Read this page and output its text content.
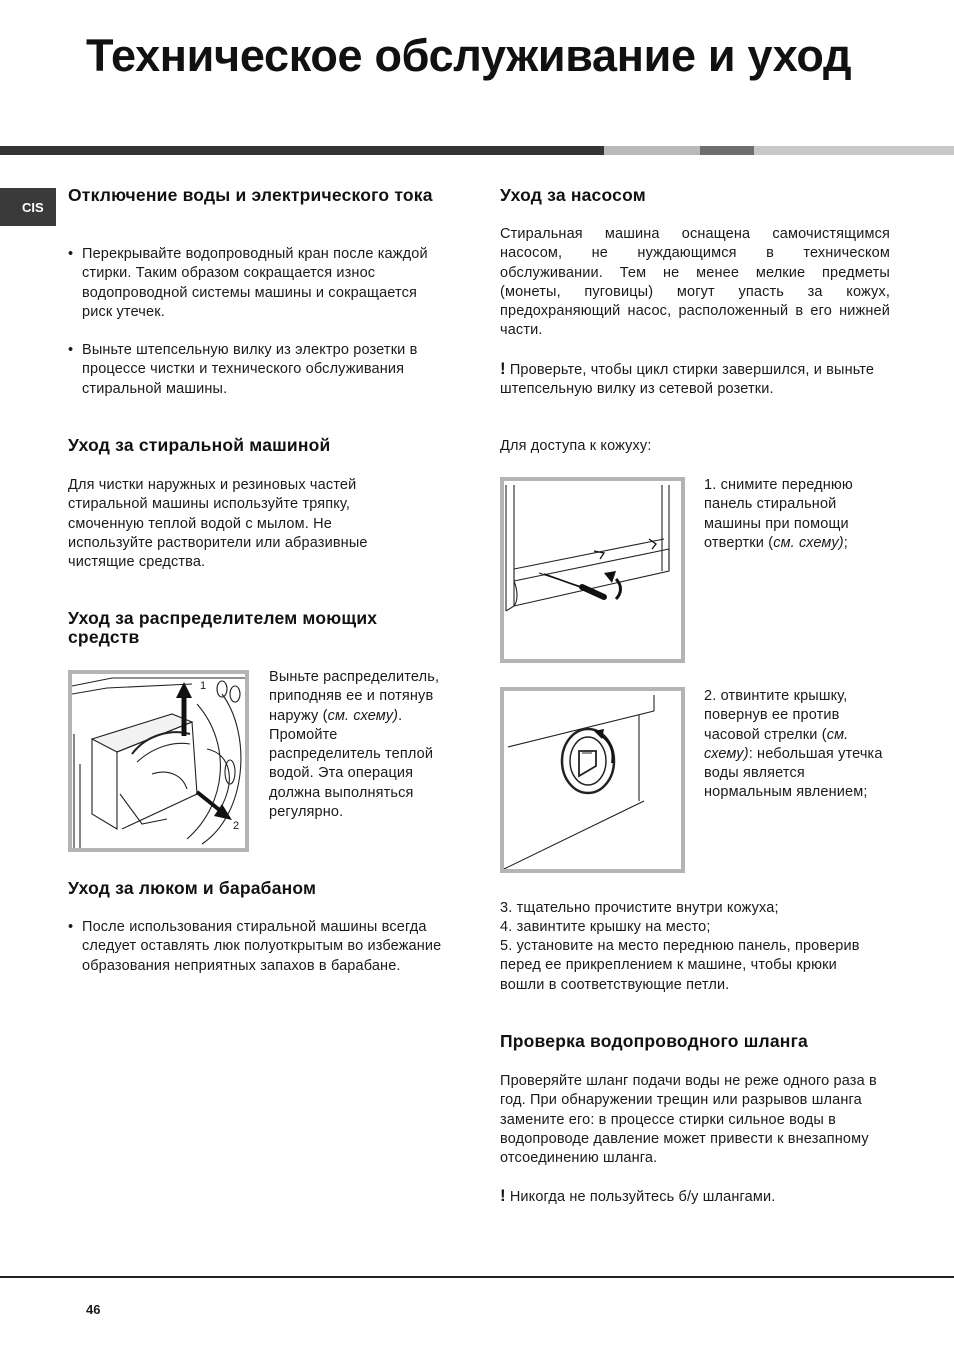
Техническое обслуживание и уход
CIS
Отключение воды и электрического тока
• Перекрывайте водопроводный кран после каждой стирки. Таким образом сокращается износ водопроводной системы машины и сокращается риск утечек.
• Выньте штепсельную вилку из электро розетки в процессе чистки и технического обслуживания стиральной машины.
Уход за стиральной машиной

Для чистки наружных и резиновых частей стиральной машины используйте тряпку, смоченную теплой водой с мылом. Не используйте растворители или абразивные чистящие средства.

Уход за распределителем моющих средств
1
2

Выньте распределитель, приподняв ее и потянув наружу (см. схему). Промойте распределитель теплой водой. Эта операция должна выполняться регулярно.

Уход за люком и барабаном
• После использования стиральной машины всегда следует оставлять люк полуоткрытым во избежание образования неприятных запахов в барабане.
Уход за насосом

Стиральная машина оснащена самочистящимся насосом, не нуждающимся в техническом обслуживании. Тем не менее мелкие предметы (монеты, пуговицы) могут упасть за кожух, предохраняющий насос, расположенный в его нижней части.

! Проверьте, чтобы цикл стирки завершился, и выньте штепсельную вилку из сетевой розетки.

Для доступа к кожуху:

1. снимите переднюю панель стиральной машины при помощи отвертки (см. схему);

2. отвинтите крышку, повернув ее против часовой стрелки (см. схему): небольшая утечка воды является нормальным явлением;

3. тщательно прочистите внутри кожуха;

4. завинтите крышку на место;

5. установите на место переднюю панель, проверив перед ее прикреплением к машине, чтобы крюки вошли в соответствующие петли.

Проверка водопроводного шланга

Проверяйте шланг подачи воды не реже одного раза в год. При обнаружении трещин или разрывов шланга замените его: в процессе стирки сильное воды в водопроводе давление может привести к внезапному отсоединению шланга.

! Никогда не пользуйтесь б/у шлангами.

46
